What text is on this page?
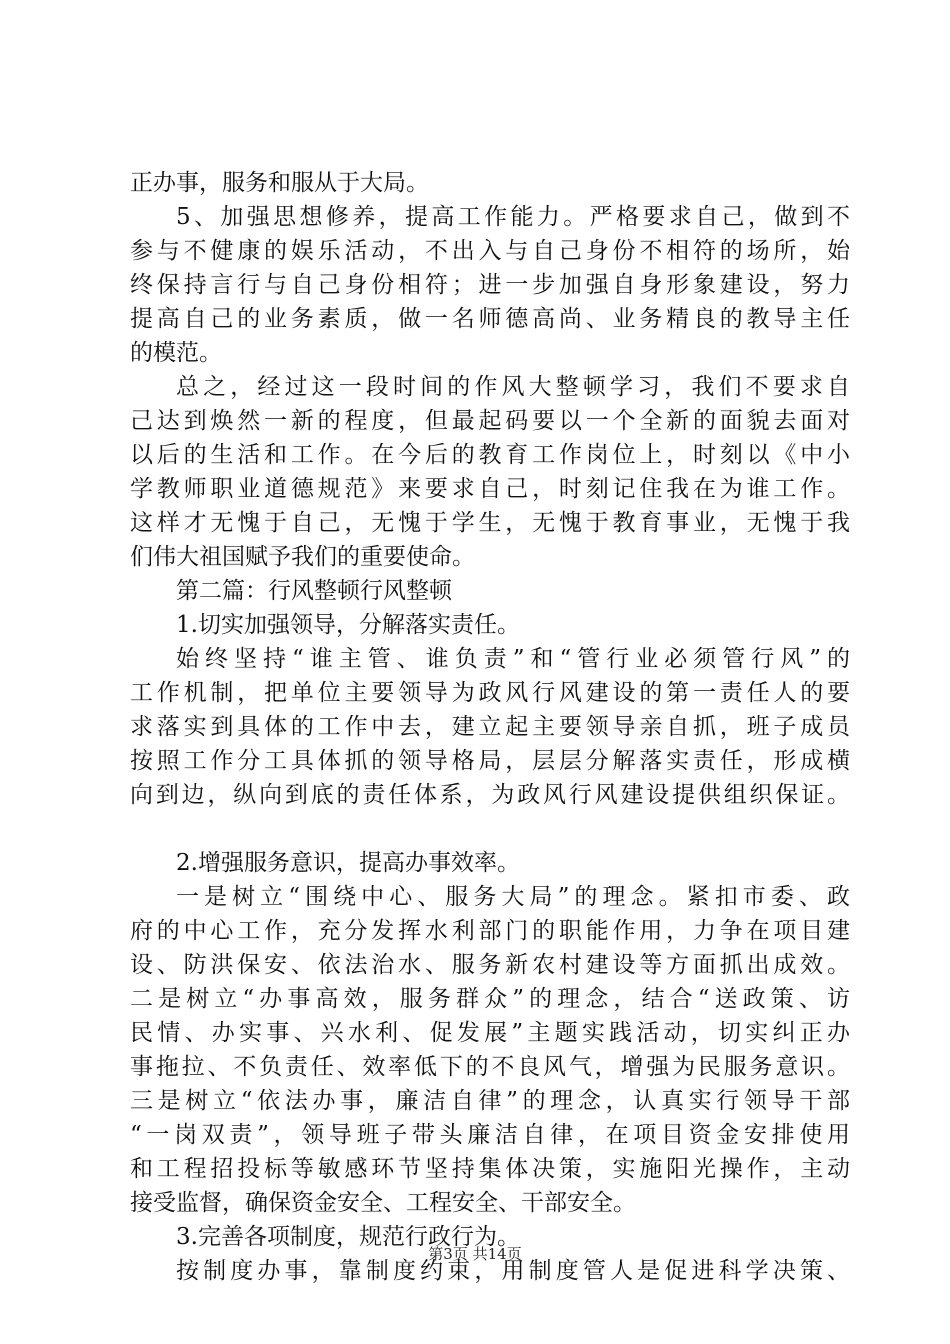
正办事，服务和服从于大局。
5、加强思想修养，提高工作能力。严格要求自己，做到不
参与不健康的娱乐活动，不出入与自己身份不相符的场所，始
终保持言行与自己身份相符；进一步加强自身形象建设，努力
提高自己的业务素质，做一名师德高尚、业务精良的教导主任
的模范。
总之，经过这一段时间的作风大整顿学习，我们不要求自
己达到焕然一新的程度，但最起码要以一个全新的面貌去面对
以后的生活和工作。在今后的教育工作岗位上，时刻以《中小
学教师职业道德规范》来要求自己，时刻记住我在为谁工作。
这样才无愧于自己，无愧于学生，无愧于教育事业，无愧于我
们伟大祖国赋予我们的重要使命。
第二篇：行风整顿行风整顿
1.切实加强领导，分解落实责任。
始终坚持“谁主管、谁负责”和“管行业必须管行风”的
工作机制，把单位主要领导为政风行风建设的第一责任人的要
求落实到具体的工作中去，建立起主要领导亲自抓，班子成员
按照工作分工具体抓的领导格局，层层分解落实责任，形成横
向到边，纵向到底的责任体系，为政风行风建设提供组织保证。
2.增强服务意识，提高办事效率。
一是树立“围绕中心、服务大局”的理念。紧扣市委、政
府的中心工作，充分发挥水利部门的职能作用，力争在项目建
设、防洪保安、依法治水、服务新农村建设等方面抓出成效。
二是树立“办事高效，服务群众”的理念，结合“送政策、访
民情、办实事、兴水利、促发展”主题实践活动，切实纠正办
事拖拉、不负责任、效率低下的不良风气，增强为民服务意识。
三是树立“依法办事，廉洁自律”的理念，认真实行领导干部
“一岗双责”，领导班子带头廉洁自律，在项目资金安排使用
和工程招投标等敏感环节坚持集体决策，实施阳光操作，主动
接受监督，确保资金安全、工程安全、干部安全。
3.完善各项制度，规范行政行为。
按制度办事，靠制度约束，用制度管人是促进科学决策、
第3页 共14页
